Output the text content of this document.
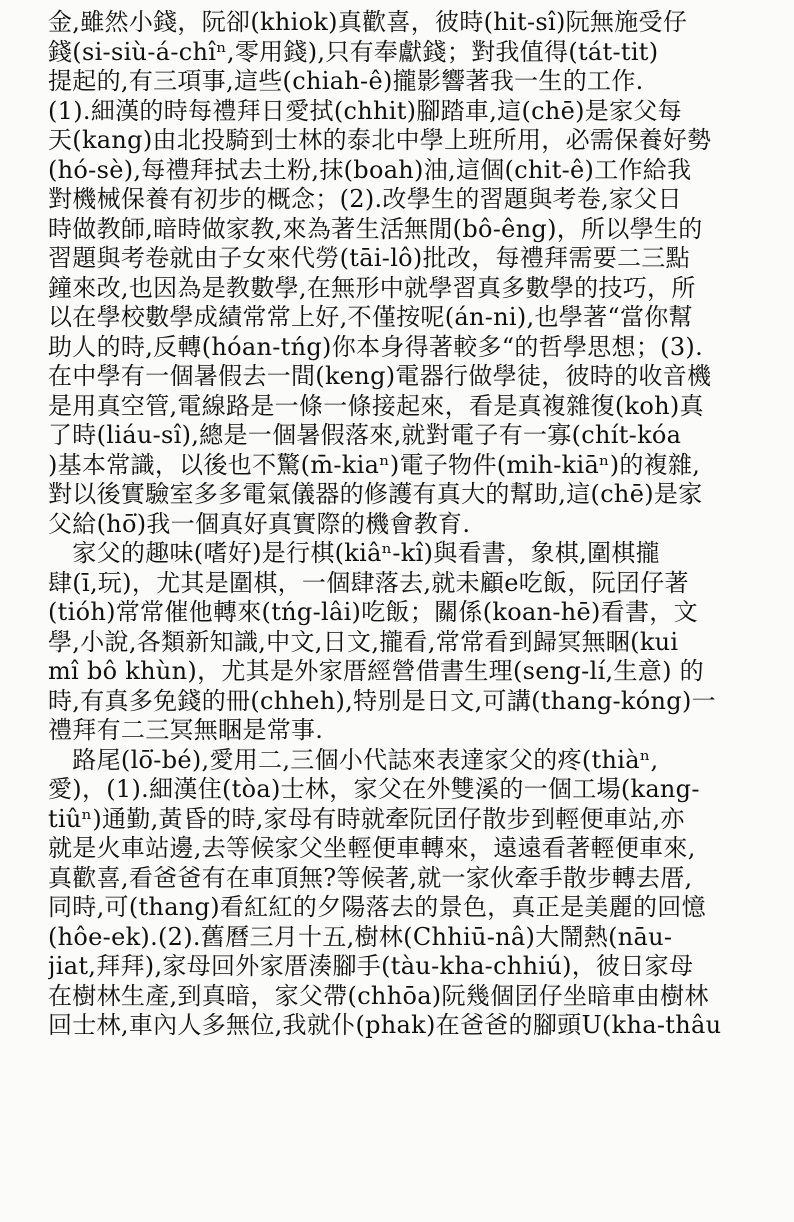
金,雖然小錢，阮卻(khiok)真歡喜，彼時(hit-sî)阮無施受仔
錢(si-siù-á-chîⁿ,零用錢),只有奉獻錢；對我值得(tát-tit)
提起的,有三項事,這些(chiah-ê)攏影響著我一生的工作.
(1).細漢的時每禮拜日愛拭(chhit)腳踏車,這(chē)是家父每
天(kang)由北投騎到士林的泰北中學上班所用，必需保養好勢
(hó-sè),每禮拜拭去土粉,抹(boah)油,這個(chit-ê)工作給我
對機械保養有初步的概念；(2).改學生的習題與考卷,家父日
時做教師,暗時做家教,來為著生活無閒(bô-êng)，所以學生的
習題與考卷就由子女來代勞(tāi-lô)批改，每禮拜需要二三點
鐘來改,也因為是教數學,在無形中就學習真多數學的技巧，所
以在學校數學成績常常上好,不僅按呢(án-ni),也學著“當你幫
助人的時,反轉(hóan-tńg)你本身得著較多“的哲學思想；(3).
在中學有一個暑假去一間(keng)電器行做學徒，彼時的收音機
是用真空管,電線路是一條一條接起來，看是真複雜復(koh)真
了時(liáu-sî),總是一個暑假落來,就對電子有一寡(chít-kóa
)基本常識，以後也不驚(m̄-kiaⁿ)電子物件(mih-kiāⁿ)的複雜,
對以後實驗室多多電氣儀器的修護有真大的幫助,這(chē)是家
父給(hō͘)我一個真好真實際的機會教育.
　家父的趣味(嗜好)是行棋(kiâⁿ-kî)與看書，象棋,圍棋攏
肆(ī,玩)，尤其是圍棋，一個肆落去,就未顧e吃飯，阮囝仔著
(tióh)常常催他轉來(tńg-lâi)吃飯；關係(koan-hē)看書，文
學,小說,各類新知識,中文,日文,攏看,常常看到歸冥無睏(kui
mî bô khùn)，尤其是外家厝經營借書生理(seng-lí,生意) 的
時,有真多免錢的冊(chheh),特別是日文,可講(thang-kóng)一
禮拜有二三冥無睏是常事.
　路尾(lō͘-bé),愛用二,三個小代誌來表達家父的疼(thiàⁿ,
愛)，(1).細漢住(tòa)士林，家父在外雙溪的一個工場(kang-
tiûⁿ)通勤,黃昏的時,家母有時就牽阮囝仔散步到輕便車站,亦
就是火車站邊,去等候家父坐輕便車轉來，遠遠看著輕便車來,
真歡喜,看爸爸有在車頂無?等候著,就一家伙牽手散步轉去厝,
同時,可(thang)看紅紅的夕陽落去的景色，真正是美麗的回憶
(hôe-ek).(2).舊曆三月十五,樹林(Chhiū-nâ)大鬧熱(nāu-
jiat,拜拜),家母回外家厝湊腳手(tàu-kha-chhiú)，彼日家母
在樹林生產,到真暗，家父帶(chhōa)阮幾個囝仔坐暗車由樹林
回士林,車內人多無位,我就仆(phak)在爸爸的腳頭U(kha-thâu
